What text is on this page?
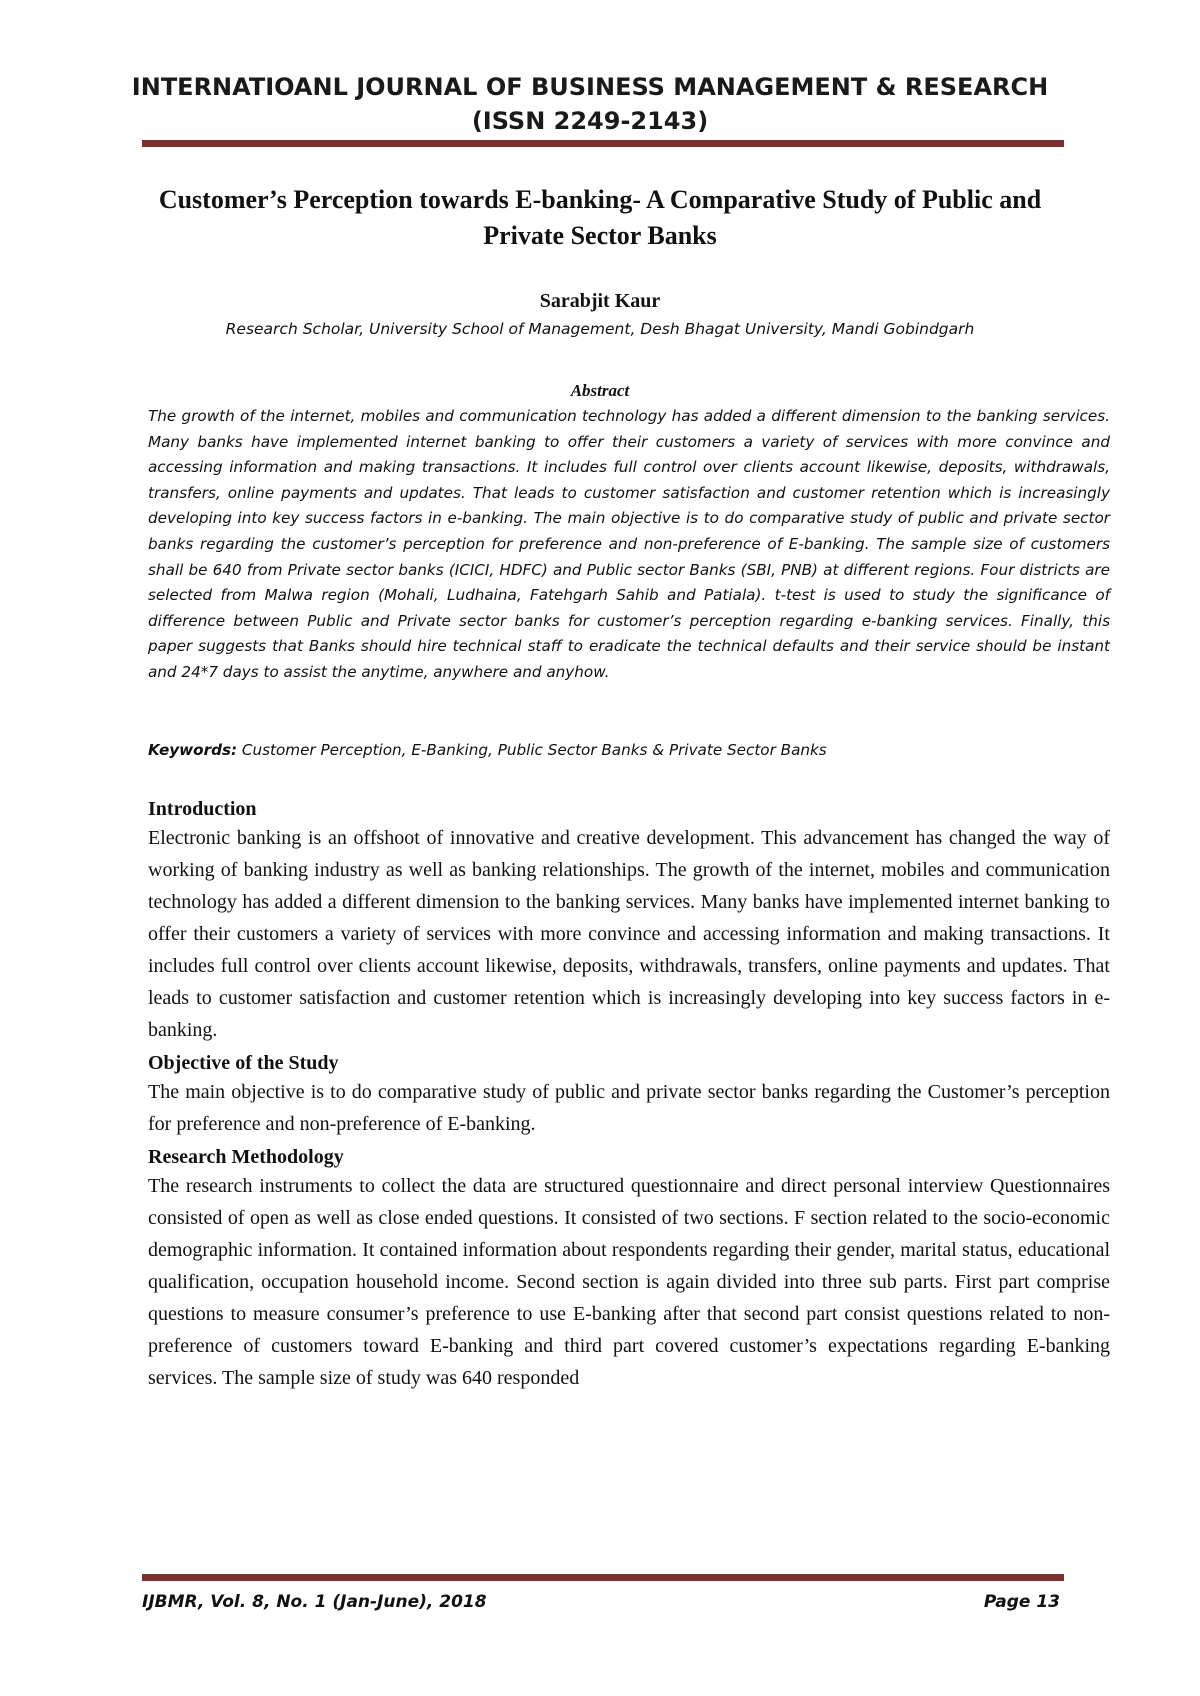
INTERNATIOANL JOURNAL OF BUSINESS MANAGEMENT & RESEARCH
(ISSN 2249-2143)
Customer’s Perception towards E-banking- A Comparative Study of Public and
Private Sector Banks
Sarabjit Kaur
Research Scholar, University School of Management, Desh Bhagat University, Mandi Gobindgarh
Abstract

The growth of the internet, mobiles and communication technology has added a different dimension to the banking services. Many banks have implemented internet banking to offer their customers a variety of services with more convince and accessing information and making transactions. It includes full control over clients account likewise, deposits, withdrawals, transfers, online payments and updates. That leads to customer satisfaction and customer retention which is increasingly developing into key success factors in e-banking. The main objective is to do comparative study of public and private sector banks regarding the customer’s perception for preference and non-preference of E-banking. The sample size of customers shall be 640 from Private sector banks (ICICI, HDFC) and Public sector Banks (SBI, PNB) at different regions. Four districts are selected from Malwa region (Mohali, Ludhaina, Fatehgarh Sahib and Patiala). t-test is used to study the significance of difference between Public and Private sector banks for customer’s perception regarding e-banking services. Finally, this paper suggests that Banks should hire technical staff to eradicate the technical defaults and their service should be instant and 24*7 days to assist the anytime, anywhere and anyhow.

Keywords: Customer Perception, E-Banking, Public Sector Banks & Private Sector Banks

Introduction

Electronic banking is an offshoot of innovative and creative development. This advancement has changed the way of working of banking industry as well as banking relationships. The growth of the internet, mobiles and communication technology has added a different dimension to the banking services. Many banks have implemented internet banking to offer their customers a variety of services with more convince and accessing information and making transactions. It includes full control over clients account likewise, deposits, withdrawals, transfers, online payments and updates. That leads to customer satisfaction and customer retention which is increasingly developing into key success factors in e-banking.

Objective of the Study

The main objective is to do comparative study of public and private sector banks regarding the Customer’s perception for preference and non-preference of E-banking.

Research Methodology

The research instruments to collect the data are structured questionnaire and direct personal interview Questionnaires consisted of open as well as close ended questions. It consisted of two sections. F section related to the socio-economic demographic information. It contained information about respondents regarding their gender, marital status, educational qualification, occupation household income. Second section is again divided into three sub parts. First part comprise questions to measure consumer’s preference to use E-banking after that second part consist questions related to non-preference of customers toward E-banking and third part covered customer’s expectations regarding E-banking services. The sample size of study was 640 responded

IJBMR, Vol. 8, No. 1 (Jan-June), 2018	Page 13
